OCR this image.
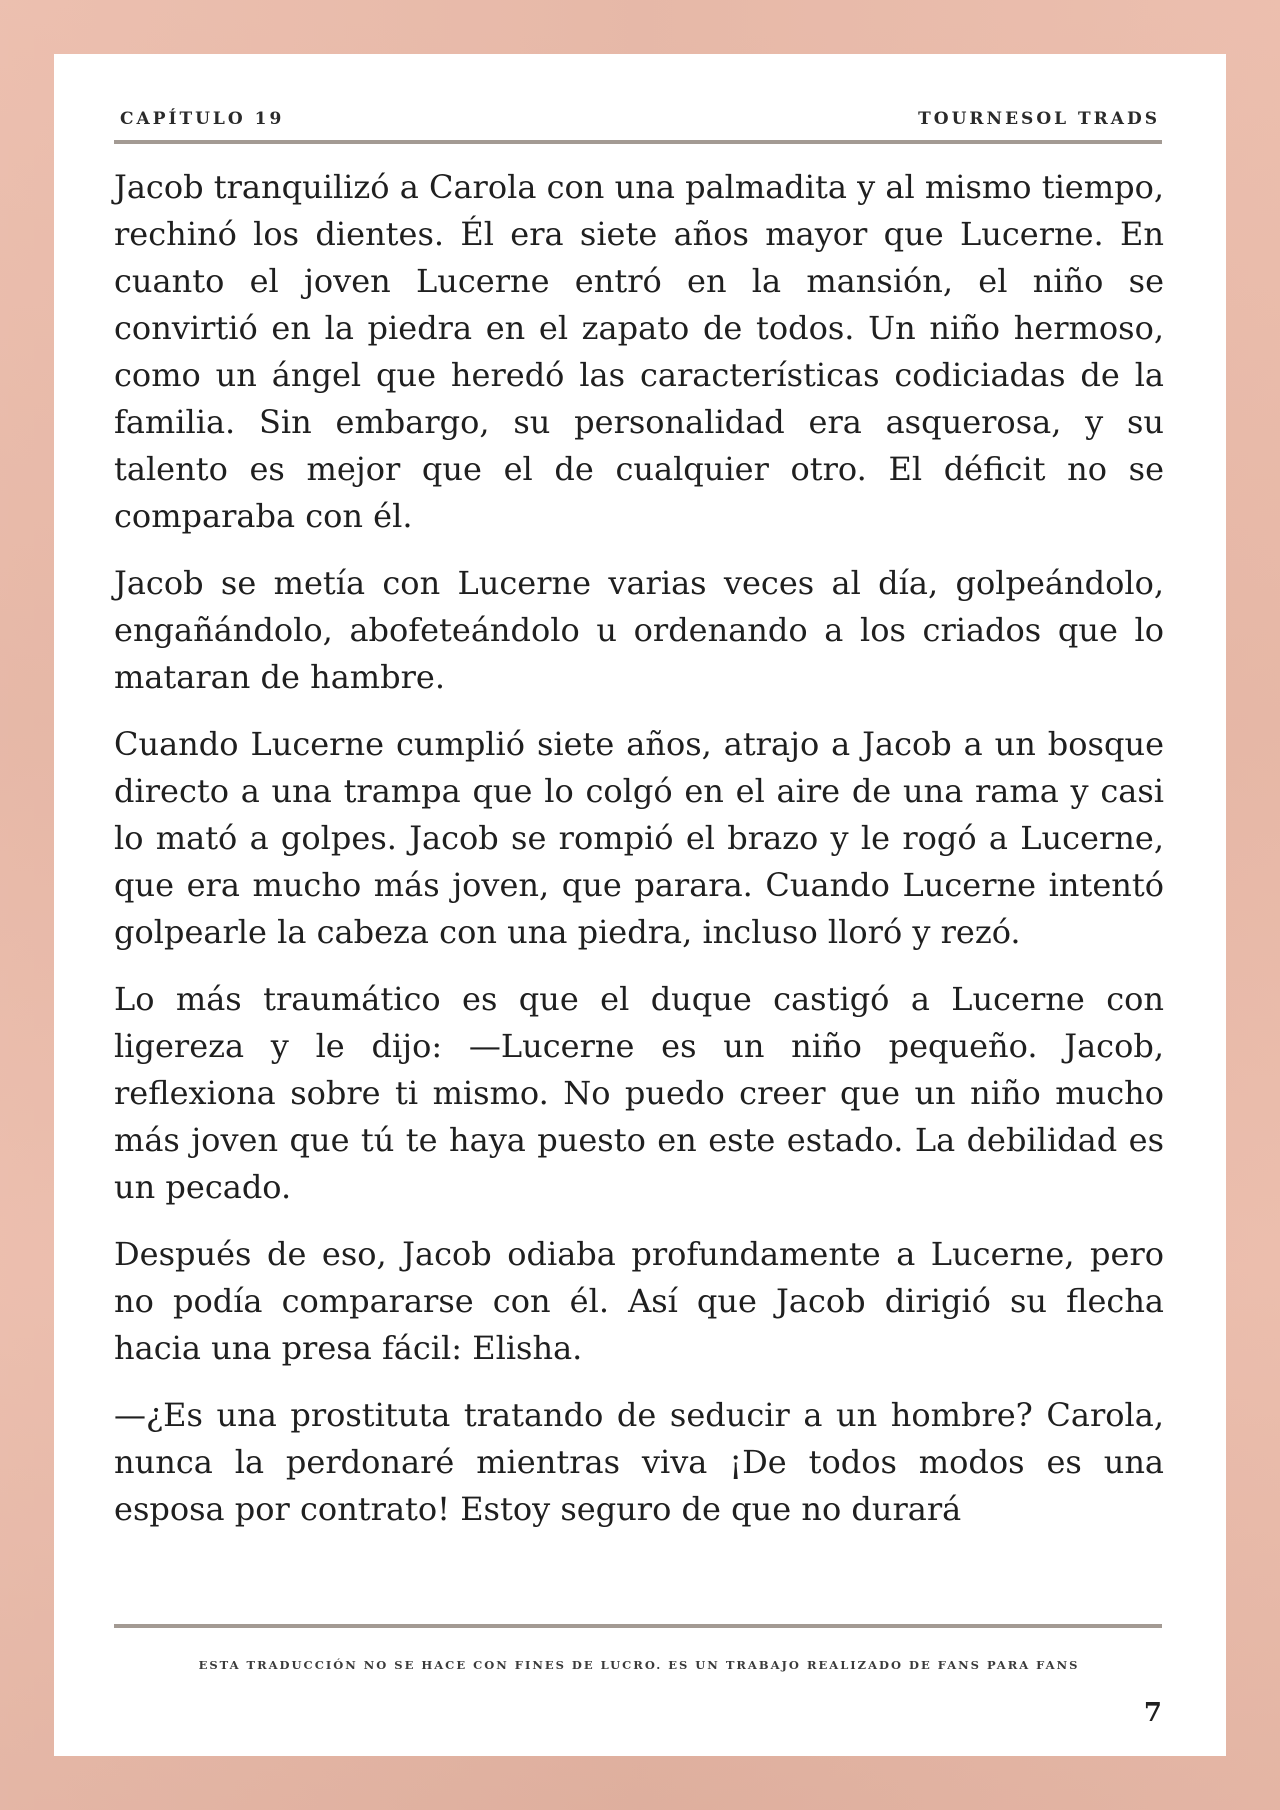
CAPÍTULO 19	TOURNESOL TRADS

Jacob tranquilizó a Carola con una palmadita y al mismo tiempo, rechinó los dientes. Él era siete años mayor que Lucerne. En cuanto el joven Lucerne entró en la mansión, el niño se convirtió en la piedra en el zapato de todos. Un niño hermoso, como un ángel que heredó las características codiciadas de la familia. Sin embargo, su personalidad era asquerosa, y su talento es mejor que el de cualquier otro. El déficit no se comparaba con él.

Jacob se metía con Lucerne varias veces al día, golpeándolo, engañándolo, abofeteándolo u ordenando a los criados que lo mataran de hambre.

Cuando Lucerne cumplió siete años, atrajo a Jacob a un bosque directo a una trampa que lo colgó en el aire de una rama y casi lo mató a golpes. Jacob se rompió el brazo y le rogó a Lucerne, que era mucho más joven, que parara. Cuando Lucerne intentó golpearle la cabeza con una piedra, incluso lloró y rezó.

Lo más traumático es que el duque castigó a Lucerne con ligereza y le dijo: —Lucerne es un niño pequeño. Jacob, reflexiona sobre ti mismo. No puedo creer que un niño mucho más joven que tú te haya puesto en este estado. La debilidad es un pecado.

Después de eso, Jacob odiaba profundamente a Lucerne, pero no podía compararse con él. Así que Jacob dirigió su flecha hacia una presa fácil: Elisha.

—¿Es una prostituta tratando de seducir a un hombre? Carola, nunca la perdonaré mientras viva ¡De todos modos es una esposa por contrato! Estoy seguro de que no durará

ESTA TRADUCCIÓN NO SE HACE CON FINES DE LUCRO. ES UN TRABAJO REALIZADO DE FANS PARA FANS
7
